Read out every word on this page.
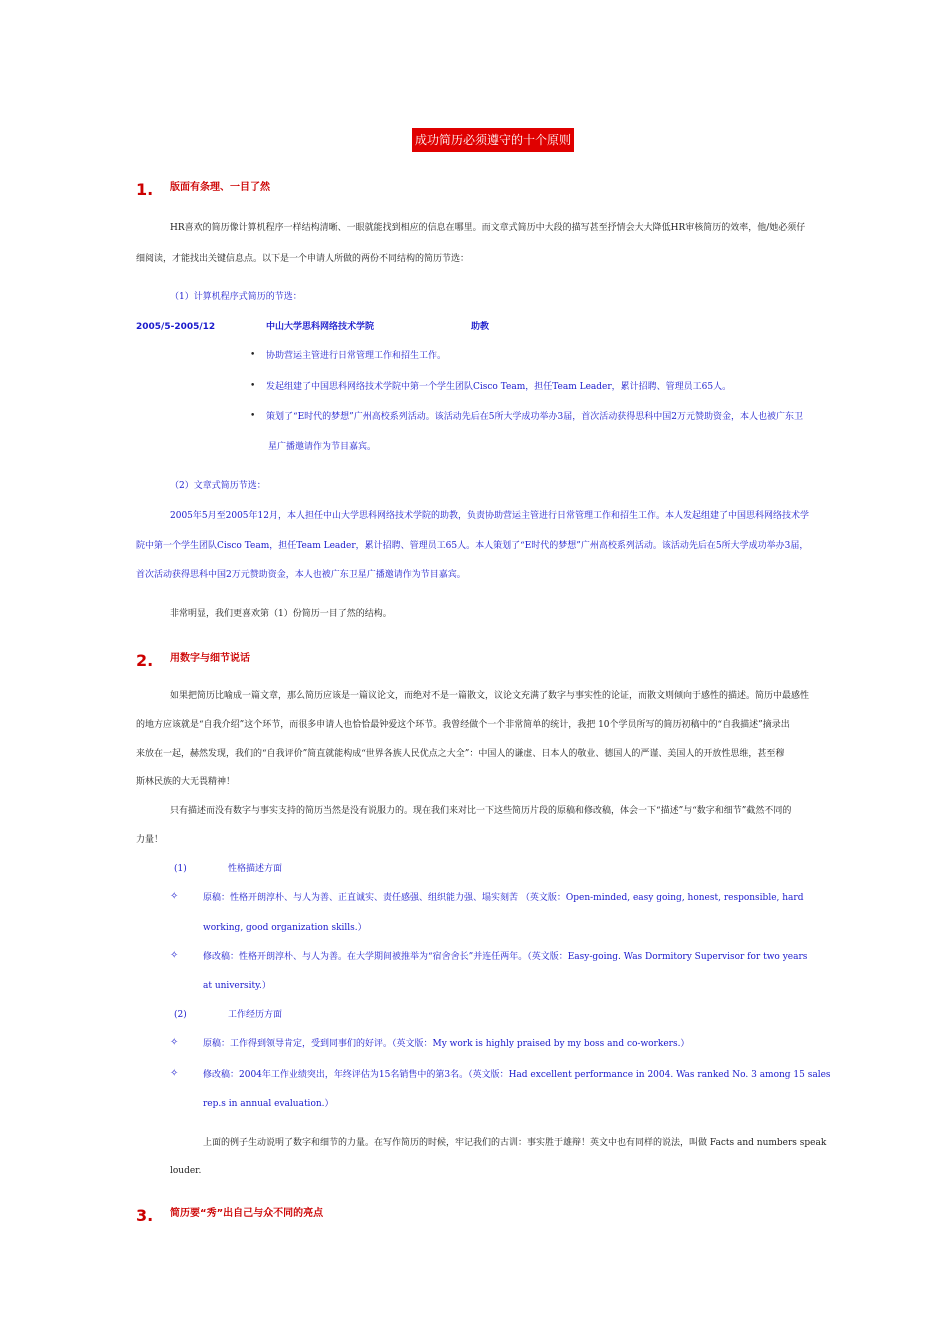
成功简历必须遵守的十个原则
1. 版面有条理、一目了然
HR喜欢的简历像计算机程序一样结构清晰、一眼就能找到相应的信息在哪里。而文章式简历中大段的描写甚至抒情会大大降低HR审核简历的效率，他/她必须仔
细阅读，才能找出关键信息点。以下是一个申请人所做的两份不同结构的简历节选：
（1）计算机程序式简历的节选：
2005/5-2005/12	中山大学思科网络技术学院	助教
• 协助营运主管进行日常管理工作和招生工作。
• 发起组建了中国思科网络技术学院中第一个学生团队Cisco Team，担任Team Leader，累计招聘、管理员工65人。
• 策划了“E时代的梦想”广州高校系列活动。该活动先后在5所大学成功举办3届，首次活动获得思科中国2万元赞助资金，本人也被广东卫
星广播邀请作为节目嘉宾。
（2）文章式简历节选：
2005年5月至2005年12月，本人担任中山大学思科网络技术学院的助教，负责协助营运主管进行日常管理工作和招生工作。本人发起组建了中国思科网络技术学
院中第一个学生团队Cisco Team，担任Team Leader，累计招聘、管理员工65人。本人策划了“E时代的梦想”广州高校系列活动。该活动先后在5所大学成功举办3届，
首次活动获得思科中国2万元赞助资金，本人也被广东卫星广播邀请作为节目嘉宾。
非常明显，我们更喜欢第（1）份简历一目了然的结构。
2. 用数字与细节说话
如果把简历比喻成一篇文章，那么简历应该是一篇议论文，而绝对不是一篇散文，议论文充满了数字与事实性的论证，而散文则倾向于感性的描述。简历中最感性
的地方应该就是“自我介绍”这个环节，而很多申请人也恰恰最钟爱这个环节。我曾经做个一个非常简单的统计，我把 10个学员所写的简历初稿中的“自我描述”摘录出
来放在一起，赫然发现，我们的“自我评价”简直就能构成“世界各族人民优点之大全”：中国人的谦虚、日本人的敬业、德国人的严谨、美国人的开放性思维，甚至穆
斯林民族的大无畏精神！
只有描述而没有数字与事实支持的简历当然是没有说服力的。现在我们来对比一下这些简历片段的原稿和修改稿，体会一下“描述”与“数字和细节”截然不同的
力量！
(1)	性格描述方面
✧	原稿：性格开朗淳朴、与人为善、正直诚实、责任感强、组织能力强、塌实刻苦 （英文版：Open-minded, easy going, honest, responsible, hard
working, good organization skills.）
✧	修改稿：性格开朗淳朴、与人为善。在大学期间被推举为“宿舍舍长”并连任两年。（英文版：Easy-going. Was Dormitory Supervisor for two years
at university.）
(2)	工作经历方面
✧	原稿：工作得到领导肯定，受到同事们的好评。（英文版：My work is highly praised by my boss and co-workers.）
✧	修改稿：2004年工作业绩突出，年终评估为15名销售中的第3名。（英文版：Had excellent performance in 2004. Was ranked No. 3 among 15 sales
rep.s in annual evaluation.）
上面的例子生动说明了数字和细节的力量。在写作简历的时候，牢记我们的古训：事实胜于雄辩！英文中也有同样的说法，叫做 Facts and numbers speak
louder.
3. 简历要“秀”出自己与众不同的亮点
